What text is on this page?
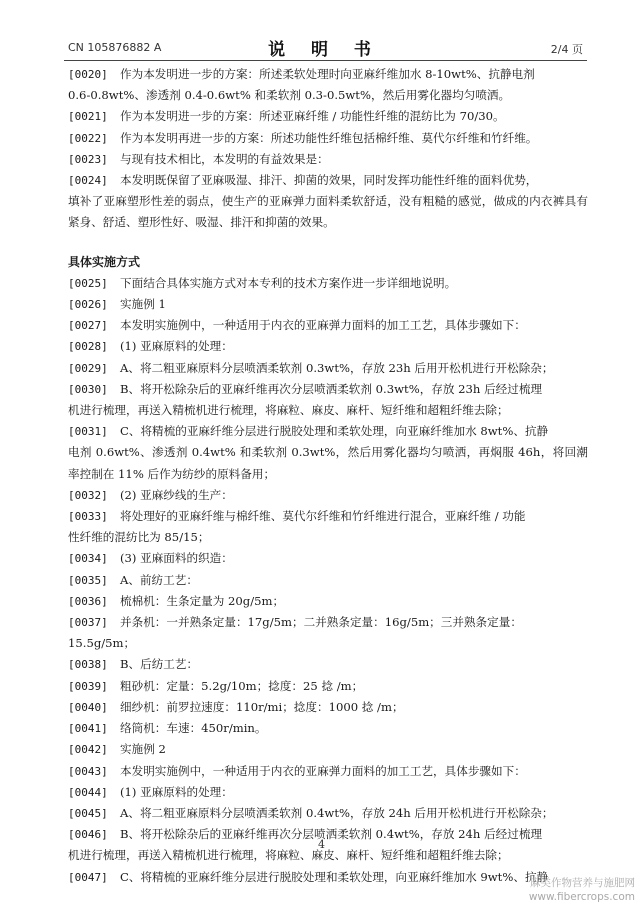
CN 105876882 A	说 明 书	2/4 页
[0020] 作为本发明进一步的方案：所述柔软处理时向亚麻纤维加水 8-10wt%、抗静电剂
0.6-0.8wt%、渗透剂 0.4-0.6wt% 和柔软剂 0.3-0.5wt%，然后用雾化器均匀喷洒。
[0021] 作为本发明进一步的方案：所述亚麻纤维 / 功能性纤维的混纺比为 70/30。
[0022] 作为本发明再进一步的方案：所述功能性纤维包括棉纤维、莫代尔纤维和竹纤维。
[0023] 与现有技术相比，本发明的有益效果是：
[0024] 本发明既保留了亚麻吸湿、排汗、抑菌的效果，同时发挥功能性纤维的面料优势，
填补了亚麻塑形性差的弱点，使生产的亚麻弹力面料柔软舒适，没有粗糙的感觉，做成的内衣裤具有紧身、舒适、塑形性好、吸湿、排汗和抑菌的效果。
具体实施方式
[0025] 下面结合具体实施方式对本专利的技术方案作进一步详细地说明。
[0026] 实施例 1
[0027] 本发明实施例中，一种适用于内衣的亚麻弹力面料的加工工艺，具体步骤如下：
[0028] (1) 亚麻原料的处理：
[0029] A、将二粗亚麻原料分层喷洒柔软剂 0.3wt%，存放 23h 后用开松机进行开松除杂；
[0030] B、将开松除杂后的亚麻纤维再次分层喷洒柔软剂 0.3wt%，存放 23h 后经过梳理
机进行梳理，再送入精梳机进行梳理，将麻粒、麻皮、麻杆、短纤维和超粗纤维去除；
[0031] C、将精梳的亚麻纤维分层进行脱胶处理和柔软处理，向亚麻纤维加水 8wt%、抗静
电剂 0.6wt%、渗透剂 0.4wt% 和柔软剂 0.3wt%，然后用雾化器均匀喷洒，再焖服 46h，将回潮率控制在 11% 后作为纺纱的原料备用；
[0032] (2) 亚麻纱线的生产：
[0033] 将处理好的亚麻纤维与棉纤维、莫代尔纤维和竹纤维进行混合，亚麻纤维 / 功能
性纤维的混纺比为 85/15；
[0034] (3) 亚麻面料的织造：
[0035] A、前纺工艺：
[0036] 梳棉机：生条定量为 20g/5m；
[0037] 并条机：一并熟条定量：17g/5m；二并熟条定量：16g/5m；三并熟条定量：
15.5g/5m；
[0038] B、后纺工艺：
[0039] 粗砂机：定量：5.2g/10m；捻度：25 捻 /m；
[0040] 细纱机：前罗拉速度：110r/mi；捻度：1000 捻 /m；
[0041] 络筒机：车速：450r/min。
[0042] 实施例 2
[0043] 本发明实施例中，一种适用于内衣的亚麻弹力面料的加工工艺，具体步骤如下：
[0044] (1) 亚麻原料的处理：
[0045] A、将二粗亚麻原料分层喷洒柔软剂 0.4wt%，存放 24h 后用开松机进行开松除杂；
[0046] B、将开松除杂后的亚麻纤维再次分层喷洒柔软剂 0.4wt%，存放 24h 后经过梳理
机进行梳理，再送入精梳机进行梳理，将麻粒、麻皮、麻杆、短纤维和超粗纤维去除；
[0047] C、将精梳的亚麻纤维分层进行脱胶处理和柔软处理，向亚麻纤维加水 9wt%、抗静
4
麻类作物营养与施肥网
www.fibercrops.com
